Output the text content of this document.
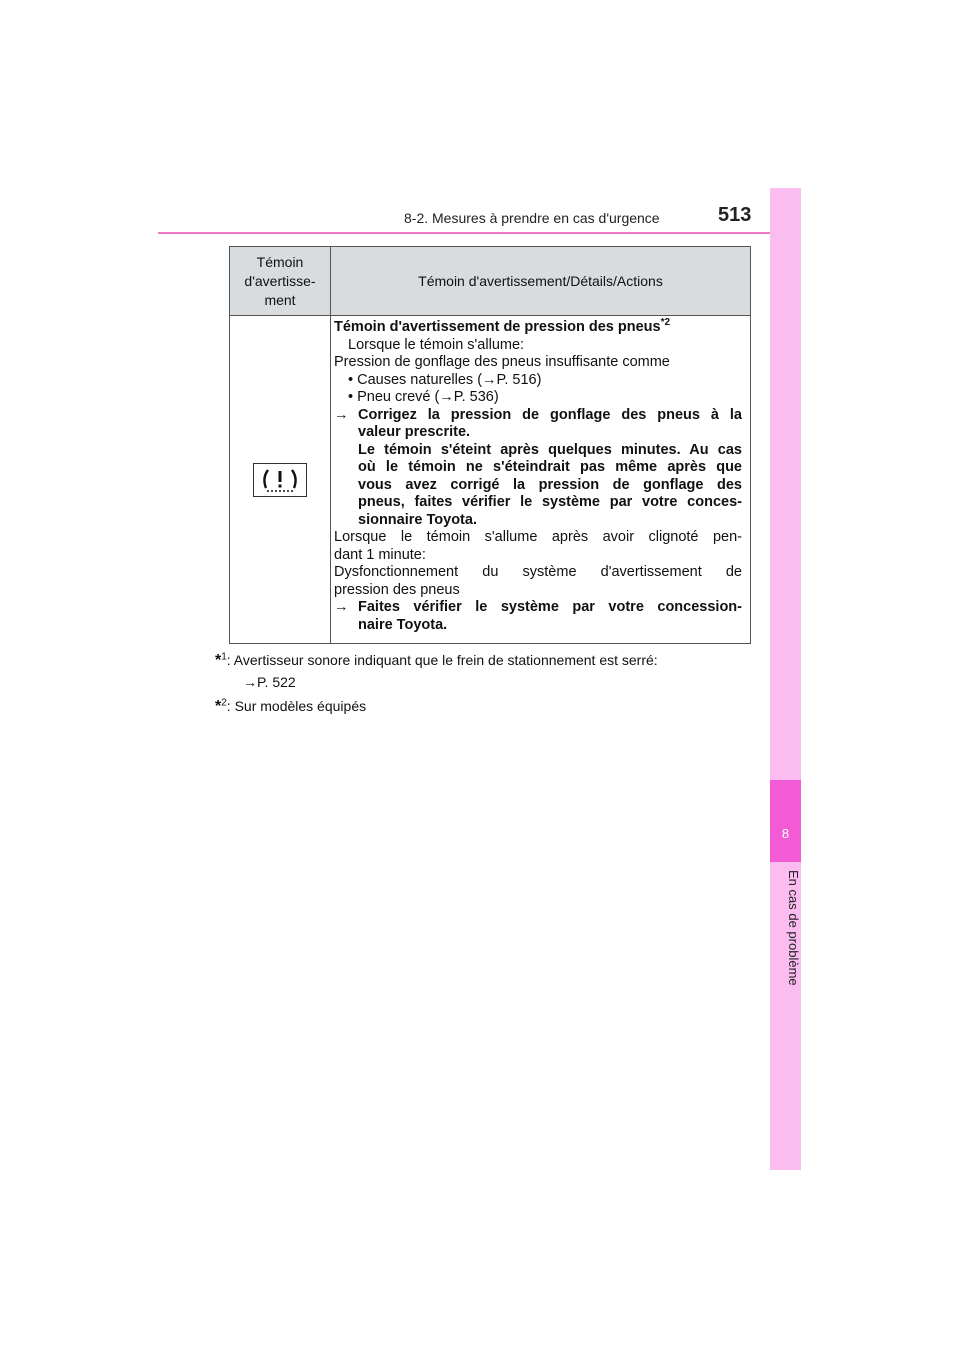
8-2. Mesures à prendre en cas d'urgence	513
8
En cas de problème
Témoin
d'avertisse-
ment
Témoin d'avertissement/Détails/Actions
Témoin d'avertissement de pression des pneus$^{*2}$
Lorsque le témoin s'allume:
Pression de gonflage des pneus insuffisante comme
• Causes naturelles (→P. 516)
• Pneu crevé (→P. 536)
→ Corrigez la pression de gonflage des pneus à la
valeur prescrite.
Le témoin s'éteint après quelques minutes. Au cas
où le témoin ne s'éteindrait pas même après que
vous avez corrigé la pression de gonflage des
pneus, faites vérifier le système par votre conces-
sionnaire Toyota.
Lorsque le témoin s'allume après avoir clignoté pen-
dant 1 minute:
Dysfonctionnement du système d'avertissement de
pression des pneus
→ Faites vérifier le système par votre concession-
naire Toyota.
*$^1$: Avertisseur sonore indiquant que le frein de stationnement est serré:
→P. 522
*$^2$: Sur modèles équipés
